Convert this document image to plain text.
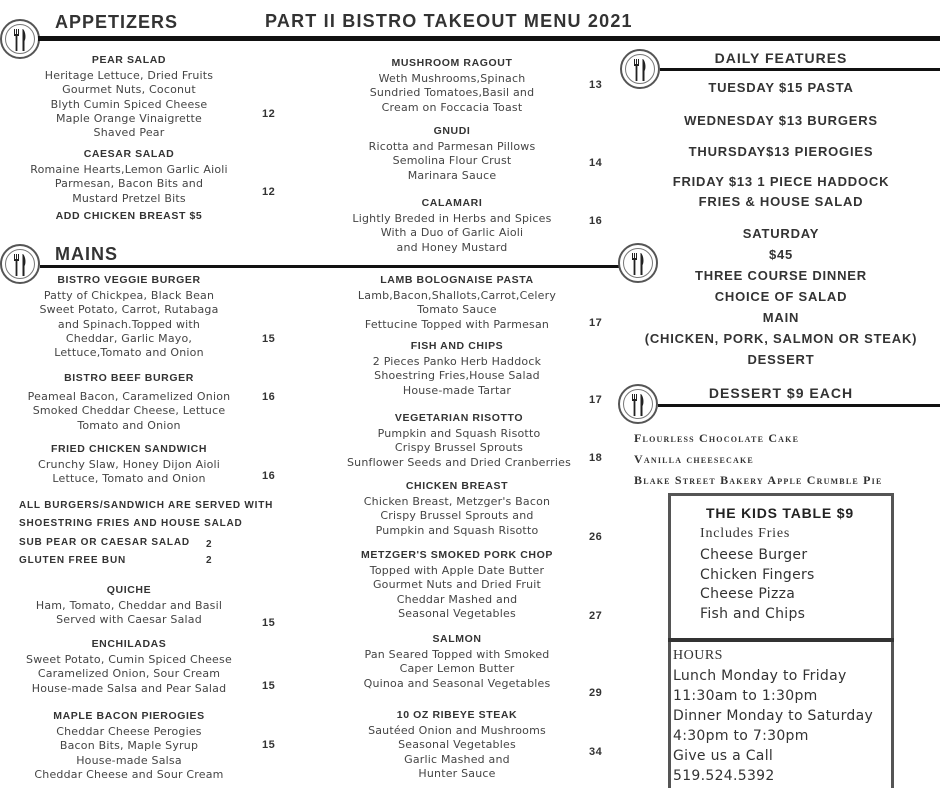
APPETIZERS	PART II BISTRO TAKEOUT MENU 2021
PEAR SALAD
Heritage Lettuce, Dried Fruits
Gourmet Nuts, Coconut
Blyth Cumin Spiced Cheese
Maple Orange Vinaigrette
Shaved Pear
12
CAESAR SALAD
Romaine Hearts,Lemon Garlic Aioli
Parmesan, Bacon Bits and
Mustard Pretzel Bits
ADD CHICKEN BREAST $5
12
MUSHROOM RAGOUT
Weth Mushrooms,Spinach
Sundried Tomatoes,Basil and
Cream on Foccacia Toast
13
GNUDI
Ricotta and Parmesan Pillows
Semolina Flour Crust
Marinara Sauce
14
CALAMARI
Lightly Breded in Herbs and Spices
With a Duo of Garlic Aioli
and Honey Mustard
16
MAINS
BISTRO VEGGIE BURGER
Patty of Chickpea, Black Bean
Sweet Potato, Carrot, Rutabaga
and Spinach.Topped with
Cheddar, Garlic Mayo,
Lettuce,Tomato and Onion
15
BISTRO BEEF BURGER
Peameal Bacon, Caramelized Onion
Smoked Cheddar Cheese, Lettuce
Tomato and Onion
16
FRIED CHICKEN SANDWICH
Crunchy Slaw, Honey Dijon Aioli
Lettuce, Tomato and Onion	16
ALL BURGERS/SANDWICH ARE SERVED WITH
SHOESTRING FRIES AND HOUSE SALAD
SUB PEAR OR CAESAR SALAD 2
GLUTEN FREE BUN	2
QUICHE
Ham, Tomato, Cheddar and Basil
Served with Caesar Salad	15
ENCHILADAS
Sweet Potato, Cumin Spiced Cheese
Caramelized Onion, Sour Cream
House-made Salsa and Pear Salad	15
MAPLE BACON PIEROGIES
Cheddar Cheese Perogies
Bacon Bits, Maple Syrup
House-made Salsa
Cheddar Cheese and Sour Cream
15
LAMB BOLOGNAISE PASTA
Lamb,Bacon,Shallots,Carrot,Celery
Tomato Sauce
Fettucine Topped with Parmesan	17
FISH AND CHIPS
2 Pieces Panko Herb Haddock
Shoestring Fries,House Salad
House-made Tartar
17
VEGETARIAN RISOTTO
Pumpkin and Squash Risotto
Crispy Brussel Sprouts
Sunflower Seeds and Dried Cranberries	18
CHICKEN BREAST
Chicken Breast, Metzger's Bacon
Crispy Brussel Sprouts and
Pumpkin and Squash Risotto
26
METZGER'S SMOKED PORK CHOP
Topped with Apple Date Butter
Gourmet Nuts and Dried Fruit
Cheddar Mashed and
Seasonal Vegetables	27
SALMON
Pan Seared Topped with Smoked
Caper Lemon Butter
Quinoa and Seasonal Vegetables
29
10 OZ RIBEYE STEAK
Sautéed Onion and Mushrooms
Seasonal Vegetables
Garlic Mashed and
Hunter Sauce
34
DAILY FEATURES
TUESDAY $15 PASTA
WEDNESDAY $13 BURGERS
THURSDAY$13 PIEROGIES
FRIDAY $13 1 PIECE HADDOCK
FRIES & HOUSE SALAD
SATURDAY
$45
THREE COURSE DINNER
CHOICE OF SALAD
MAIN
(CHICKEN, PORK, SALMON OR STEAK)
DESSERT
DESSERT $9 EACH
Flourless Chocolate Cake
Vanilla cheesecake
Blake Street Bakery Apple Crumble Pie
THE KIDS TABLE $9
Includes Fries
Cheese Burger
Chicken Fingers
Cheese Pizza
Fish and Chips
HOURS
Lunch Monday to Friday
11:30am to 1:30pm
Dinner Monday to Saturday
4:30pm to 7:30pm
Give us a Call
519.524.5392
